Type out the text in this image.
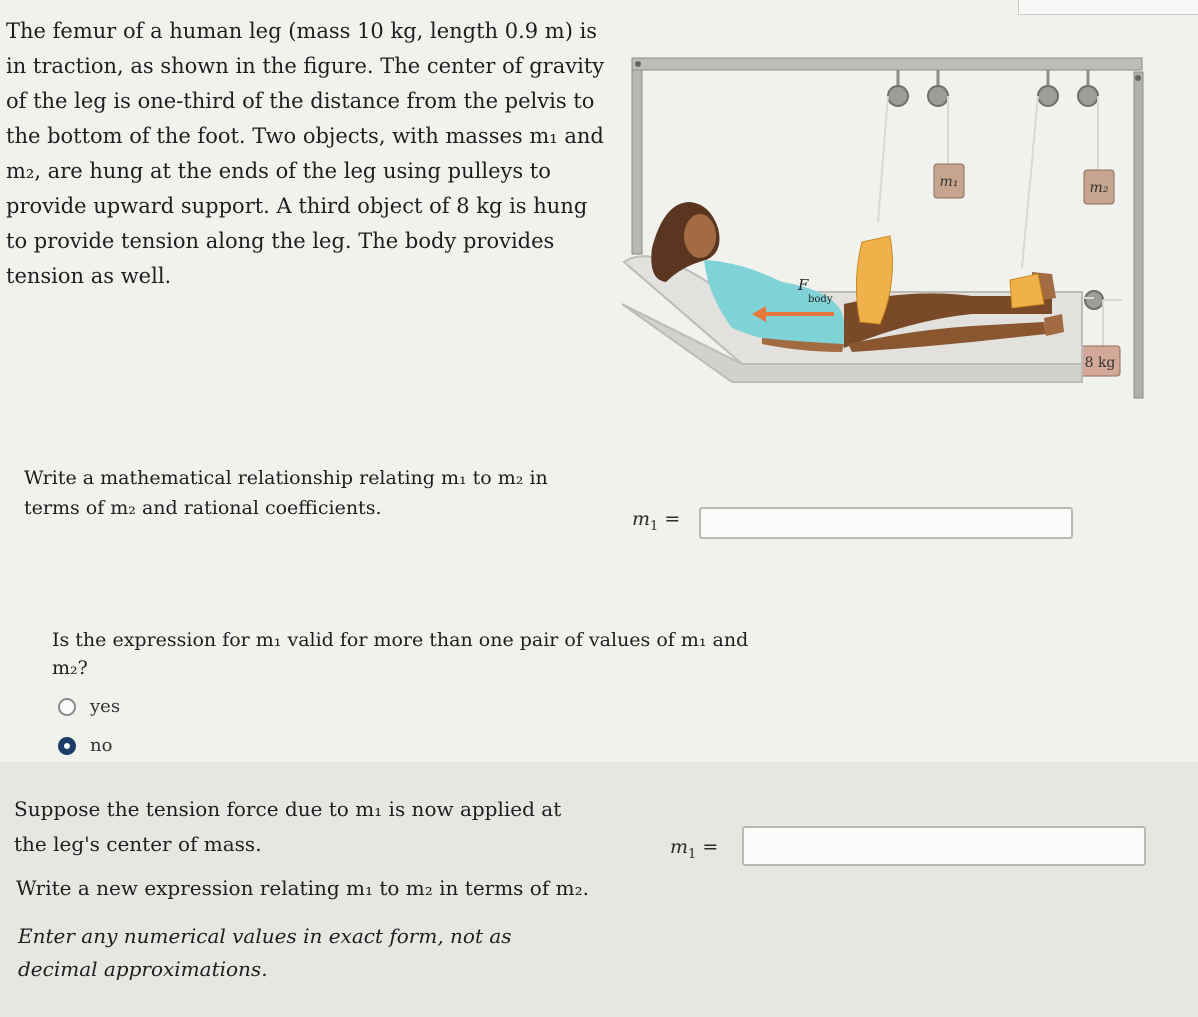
The femur of a human leg (mass 10 kg, length 0.9 m) is in traction, as shown in the figure. The center of gravity of the leg is one-third of the distance from the pelvis to the bottom of the foot. Two objects, with masses m₁ and m₂, are hung at the ends of the leg using pulleys to provide upward support. A third object of 8 kg is hung to provide tension along the leg. The body provides tension as well.

m₁	m₂
8 kg
F
body

Write a mathematical relationship relating m₁ to m₂ in terms of m₂ and rational coefficients.	$m_1$ =

Is the expression for m₁ valid for more than one pair of values of m₁ and m₂?

yes
no

Suppose the tension force due to m₁ is now applied at the leg's center of mass.

Write a new expression relating m₁ to m₂ in terms of m₂.

Enter any numerical values in exact form, not as decimal approximations.

$m_1$ =
